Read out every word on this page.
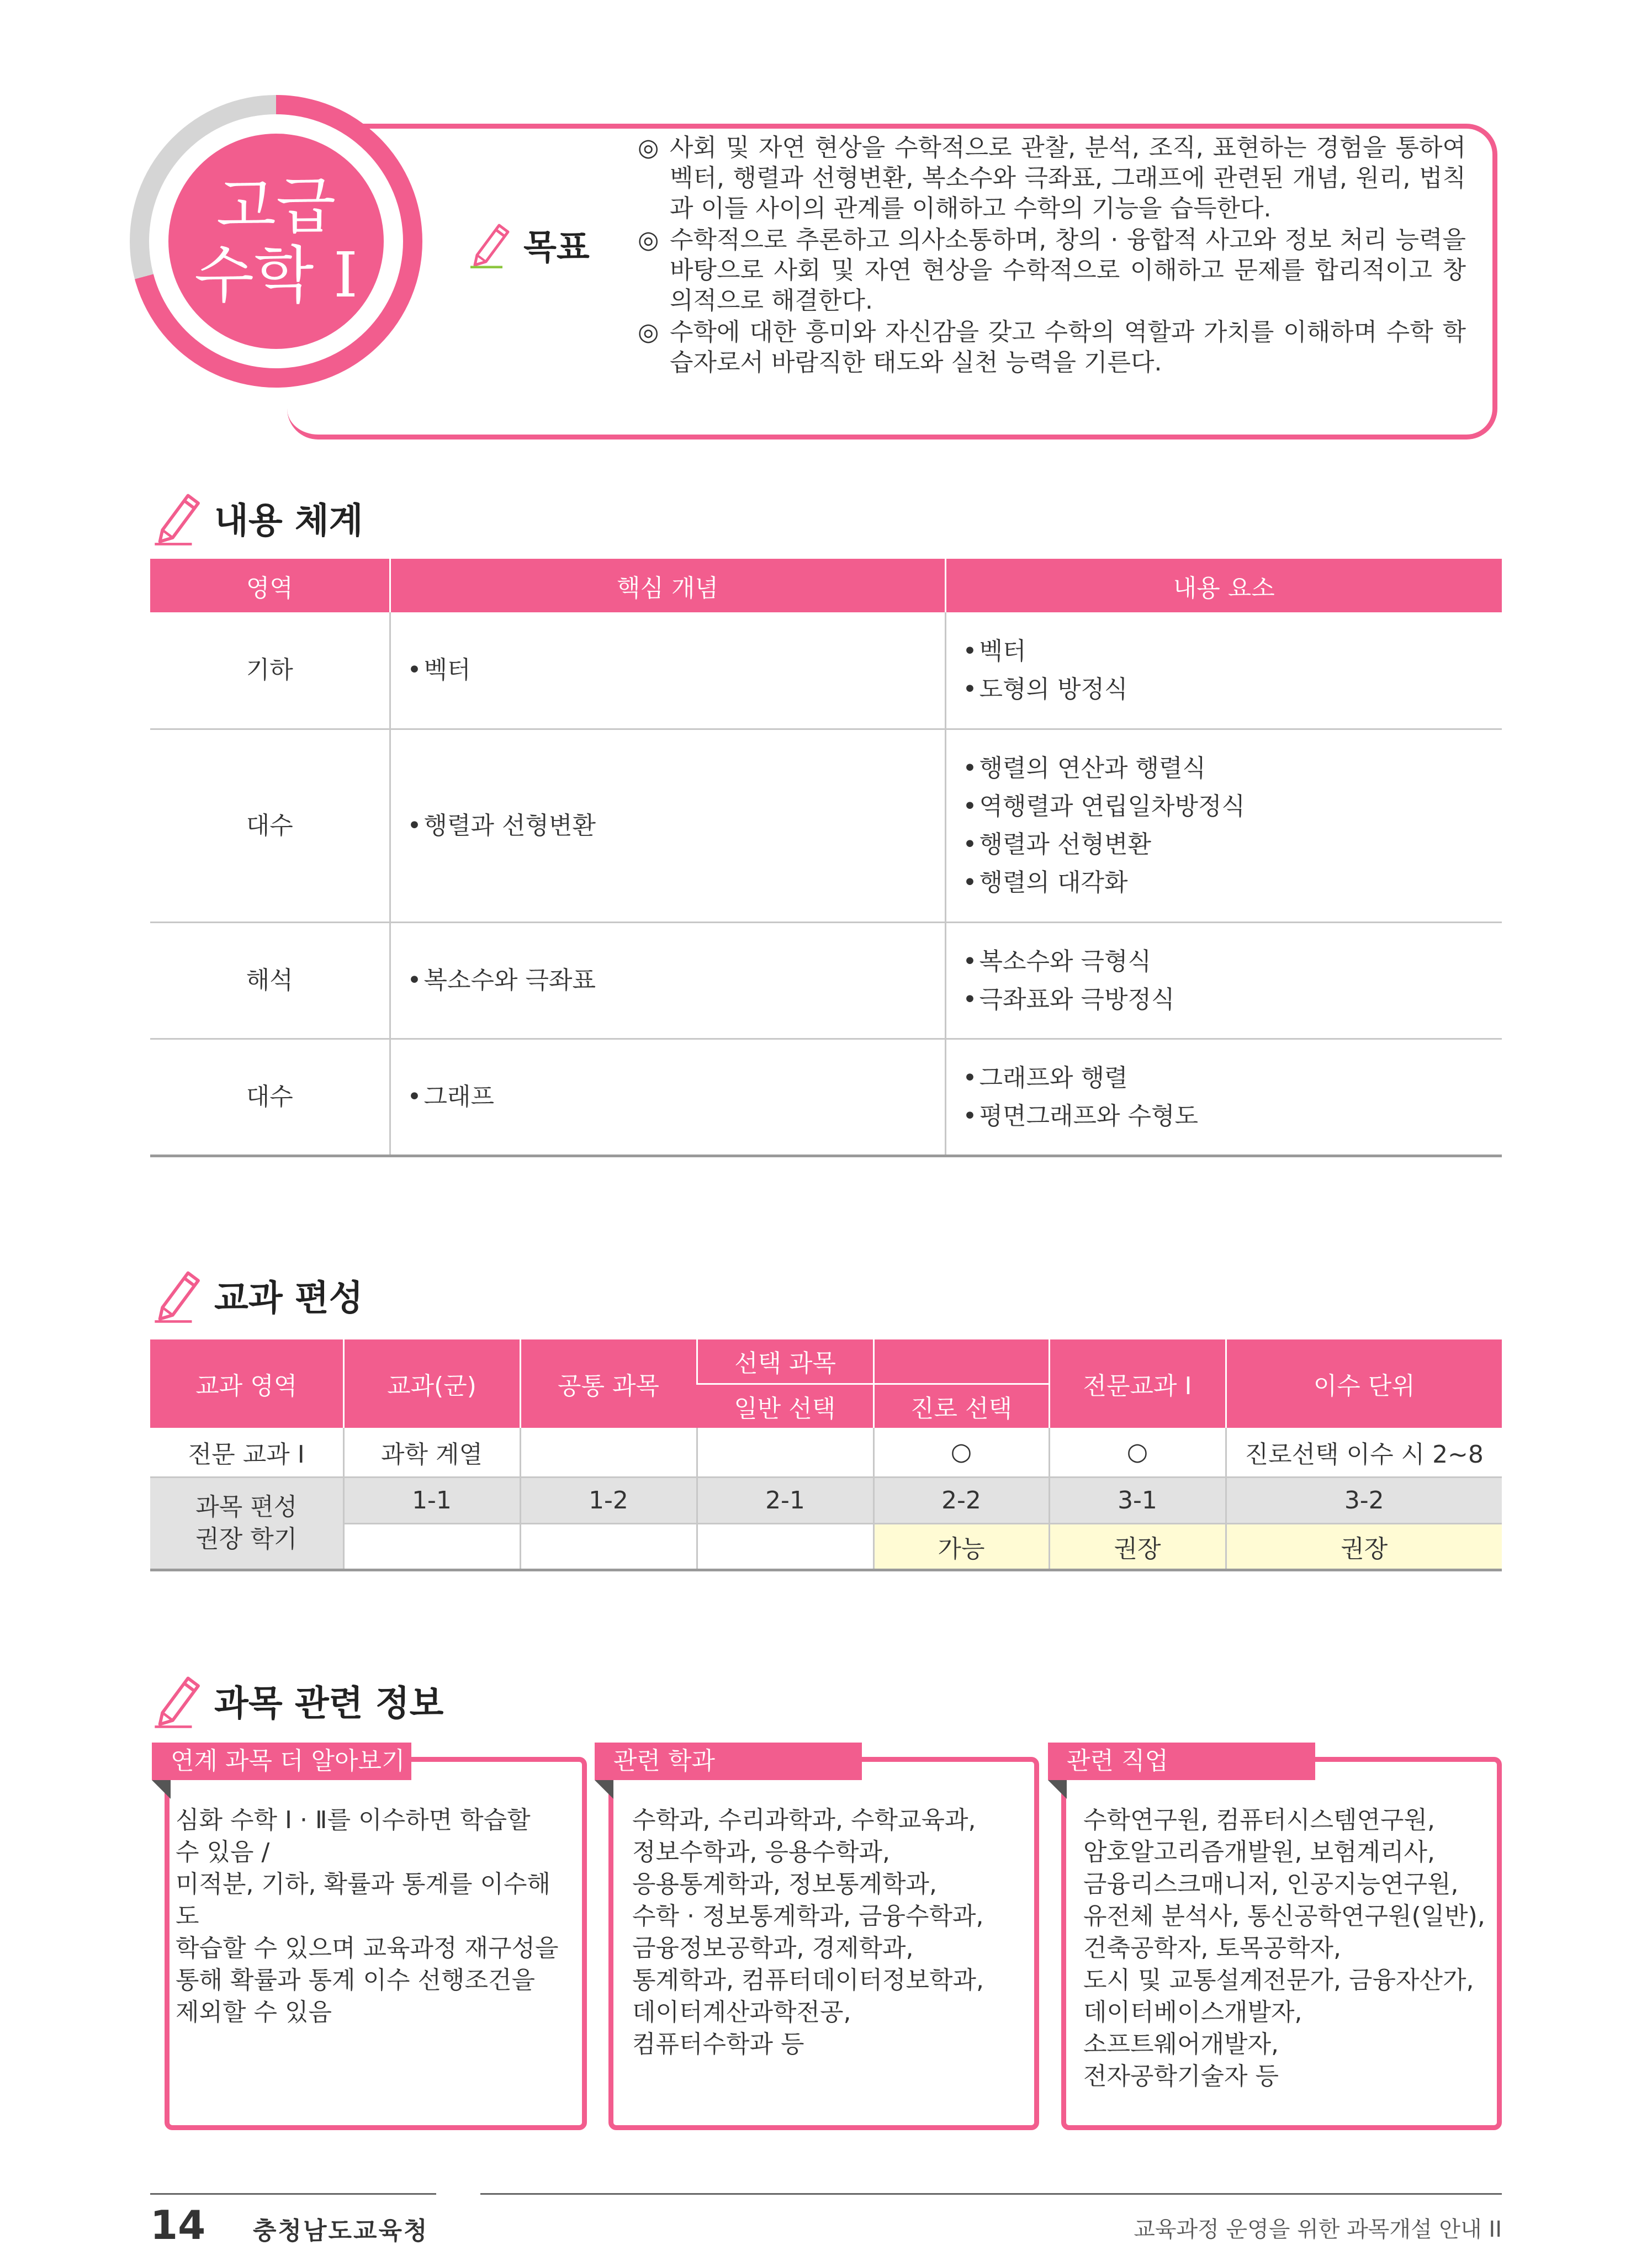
고급
수학 Ⅰ	목표
◎ 사회 및 자연 현상을 수학적으로 관찰, 분석, 조직, 표현하는 경험을 통하여 벡터, 행렬과 선형변환, 복소수와 극좌표, 그래프에 관련된 개념, 원리, 법칙과 이들 사이의 관계를 이해하고 수학의 기능을 습득한다.
◎ 수학적으로 추론하고 의사소통하며, 창의 · 융합적 사고와 정보 처리 능력을 바탕으로 사회 및 자연 현상을 수학적으로 이해하고 문제를 합리적이고 창의적으로 해결한다.
◎ 수학에 대한 흥미와 자신감을 갖고 수학의 역할과 가치를 이해하며 수학 학습자로서 바람직한 태도와 실천 능력을 기른다.
내용 체계
영역	핵심 개념	내용 요소
기하	• 벡터	• 벡터
• 도형의 방정식

대수	• 행렬과 선형변환	• 행렬의 연산과 행렬식
• 역행렬과 연립일차방정식
• 행렬과 선형변환
• 행렬의 대각화

해석	• 복소수와 극좌표	• 복소수와 극형식
• 극좌표와 극방정식

대수	• 그래프	• 그래프와 행렬
• 평면그래프와 수형도
교과 편성
교과 영역	교과(군)	공통 과목	선택 과목		전문교과 I	이수 단위
			일반 선택	진로 선택		
전문 교과 I	과학 계열			○	○	진로선택 이수 시 2~8
과목 편성
권장 학기	1-1	1-2	2-1	2-2	3-1	3-2
				가능	권장	권장
과목 관련 정보
연계 과목 더 알아보기
심화 수학 Ⅰ · Ⅱ를 이수하면 학습할
수 있음 /
미적분, 기하, 확률과 통계를 이수해도
학습할 수 있으며 교육과정 재구성을
통해 확률과 통계 이수 선행조건을
제외할 수 있음
관련 학과
수학과, 수리과학과, 수학교육과,
정보수학과, 응용수학과,
응용통계학과, 정보통계학과,
수학 · 정보통계학과, 금융수학과,
금융정보공학과, 경제학과,
통계학과, 컴퓨터데이터정보학과,
데이터계산과학전공,
컴퓨터수학과 등
관련 직업
수학연구원, 컴퓨터시스템연구원,
암호알고리즘개발원, 보험계리사,
금융리스크매니저, 인공지능연구원,
유전체 분석사, 통신공학연구원(일반),
건축공학자, 토목공학자,
도시 및 교통설계전문가, 금융자산가,
데이터베이스개발자,
소프트웨어개발자,
전자공학기술자 등
14 충청남도교육청	교육과정 운영을 위한 과목개설 안내 II
